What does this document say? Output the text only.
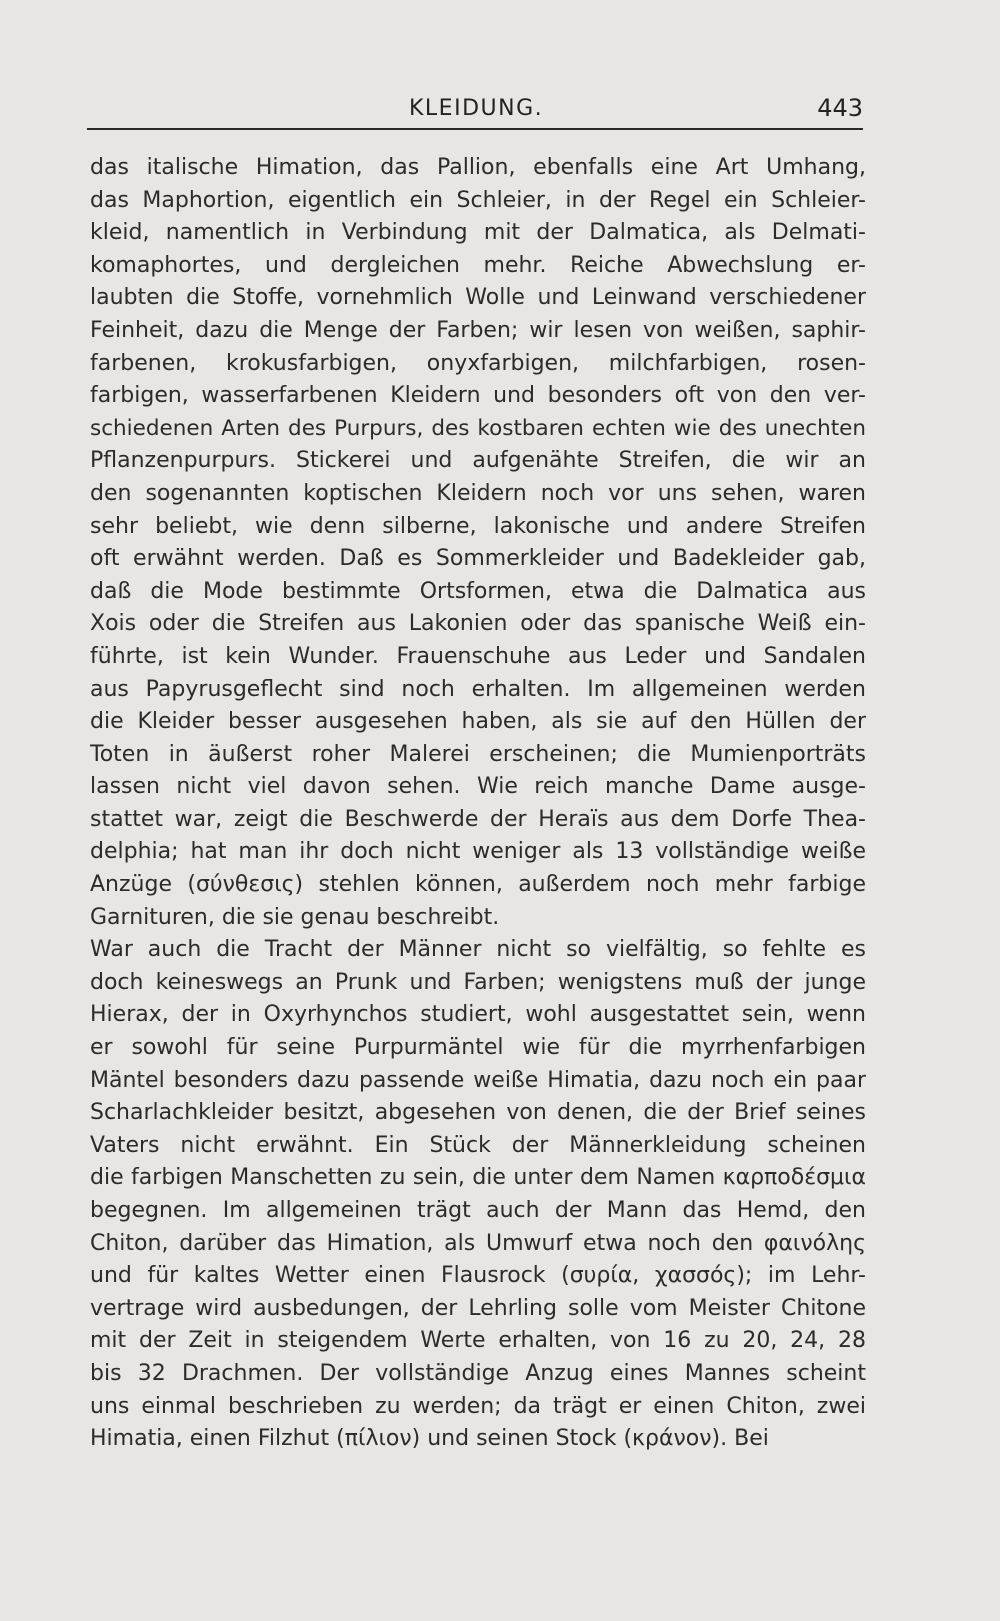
KLEIDUNG.	443
das italische Himation, das Pallion, ebenfalls eine Art Umhang,
das Maphortion, eigentlich ein Schleier, in der Regel ein Schleier-
kleid, namentlich in Verbindung mit der Dalmatica, als Delmati-
komaphortes, und dergleichen mehr. Reiche Abwechslung er-
laubten die Stoffe, vornehmlich Wolle und Leinwand verschiedener
Feinheit, dazu die Menge der Farben; wir lesen von weißen, saphir-
farbenen, krokusfarbigen, onyxfarbigen, milchfarbigen, rosen-
farbigen, wasserfarbenen Kleidern und besonders oft von den ver-
schiedenen Arten des Purpurs, des kostbaren echten wie des unechten
Pflanzenpurpurs. Stickerei und aufgenähte Streifen, die wir an
den sogenannten koptischen Kleidern noch vor uns sehen, waren
sehr beliebt, wie denn silberne, lakonische und andere Streifen
oft erwähnt werden. Daß es Sommerkleider und Badekleider gab,
daß die Mode bestimmte Ortsformen, etwa die Dalmatica aus
Xois oder die Streifen aus Lakonien oder das spanische Weiß ein-
führte, ist kein Wunder. Frauenschuhe aus Leder und Sandalen
aus Papyrusgeflecht sind noch erhalten. Im allgemeinen werden
die Kleider besser ausgesehen haben, als sie auf den Hüllen der
Toten in äußerst roher Malerei erscheinen; die Mumienporträts
lassen nicht viel davon sehen. Wie reich manche Dame ausge-
stattet war, zeigt die Beschwerde der Heraïs aus dem Dorfe Thea-
delphia; hat man ihr doch nicht weniger als 13 vollständige weiße
Anzüge (σύνθεσις) stehlen können, außerdem noch mehr farbige
Garnituren, die sie genau beschreibt.
War auch die Tracht der Männer nicht so vielfältig, so fehlte es
doch keineswegs an Prunk und Farben; wenigstens muß der junge
Hierax, der in Oxyrhynchos studiert, wohl ausgestattet sein, wenn
er sowohl für seine Purpurmäntel wie für die myrrhenfarbigen
Mäntel besonders dazu passende weiße Himatia, dazu noch ein paar
Scharlachkleider besitzt, abgesehen von denen, die der Brief seines
Vaters nicht erwähnt. Ein Stück der Männerkleidung scheinen
die farbigen Manschetten zu sein, die unter dem Namen καρποδέσμια
begegnen. Im allgemeinen trägt auch der Mann das Hemd, den
Chiton, darüber das Himation, als Umwurf etwa noch den φαινόλης
und für kaltes Wetter einen Flausrock (συρία, χασσός); im Lehr-
vertrage wird ausbedungen, der Lehrling solle vom Meister Chitone
mit der Zeit in steigendem Werte erhalten, von 16 zu 20, 24, 28
bis 32 Drachmen. Der vollständige Anzug eines Mannes scheint
uns einmal beschrieben zu werden; da trägt er einen Chiton, zwei
Himatia, einen Filzhut (πίλιον) und seinen Stock (κράνον). Bei
